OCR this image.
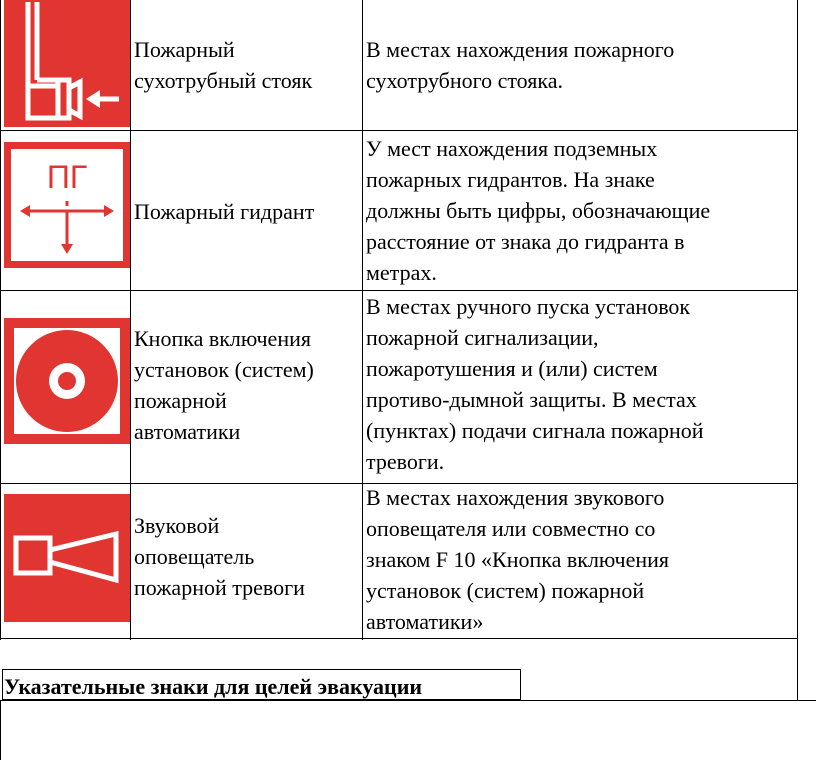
Пожарный
сухотрубный стояк
В местах нахождения пожарного
сухотрубного стояка.
ПГ
Пожарный гидрант
У мест нахождения подземных
пожарных гидрантов. На знаке
должны быть цифры, обозначающие
расстояние от знака до гидранта в
метрах.
Кнопка включения
установок (систем)
пожарной
автоматики
В местах ручного пуска установок
пожарной сигнализации,
пожаротушения и (или) систем
противо-дымной защиты. В местах
(пунктах) подачи сигнала пожарной
тревоги.
Звуковой
оповещатель
пожарной тревоги
В местах нахождения звукового
оповещателя или совместно со
знаком F 10 «Кнопка включения
установок (систем) пожарной
автоматики»
Указательные знаки для целей эвакуации
